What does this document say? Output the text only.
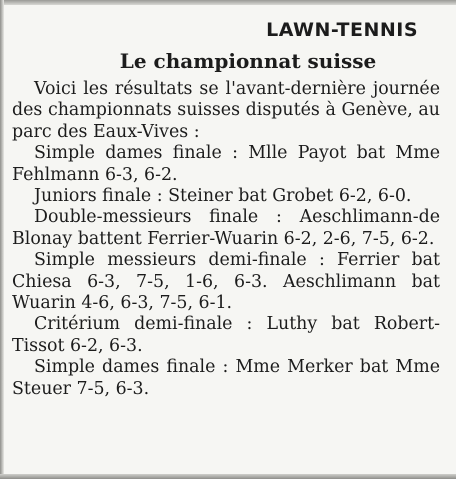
LAWN-TENNIS
Le championnat suisse

Voici les résultats se l'avant-dernière journée des championnats suisses disputés à Genève, au parc des Eaux-Vives :

Simple dames finale : Mlle Payot bat Mme Fehlmann 6-3, 6-2.

Juniors finale : Steiner bat Grobet 6-2, 6-0.

Double-messieurs finale : Aeschlimann-de Blonay battent Ferrier-Wuarin 6-2, 2-6, 7-5, 6-2.

Simple messieurs demi-finale : Ferrier bat Chiesa 6-3, 7-5, 1-6, 6-3. Aeschlimann bat Wuarin 4-6, 6-3, 7-5, 6-1.

Critérium demi-finale : Luthy bat Robert-Tissot 6-2, 6-3.

Simple dames finale : Mme Merker bat Mme Steuer 7-5, 6-3.
